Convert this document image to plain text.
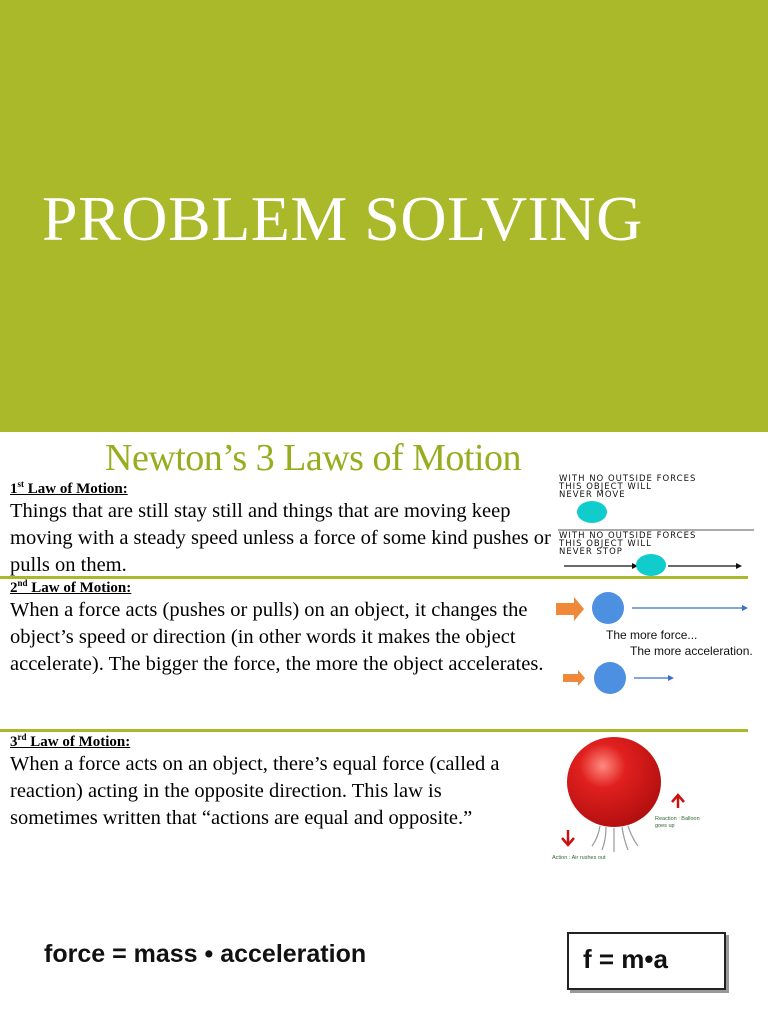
PROBLEM SOLVING
Newton’s 3 Laws of Motion
1st Law of Motion:

Things that are still stay still and things that are moving keep moving with a steady speed unless a force of some kind pushes or pulls on them.

2nd Law of Motion:

When a force acts (pushes or pulls) on an object, it changes the object’s speed or direction (in other words it makes the object accelerate). The bigger the force, the more the object accelerates.

3rd Law of Motion:

When a force acts on an object, there’s equal force (called a reaction) acting in the opposite direction. This law is sometimes written that “actions are equal and opposite.”

WITH NO OUTSIDE FORCES
THIS OBJECT WILL
NEVER MOVE
WITH NO OUTSIDE FORCES
THIS OBJECT WILL
NEVER STOP
The more force...
The more acceleration.
Reaction : Balloon goes up
Action : Air rushes out
force = mass • acceleration	f = m•a
